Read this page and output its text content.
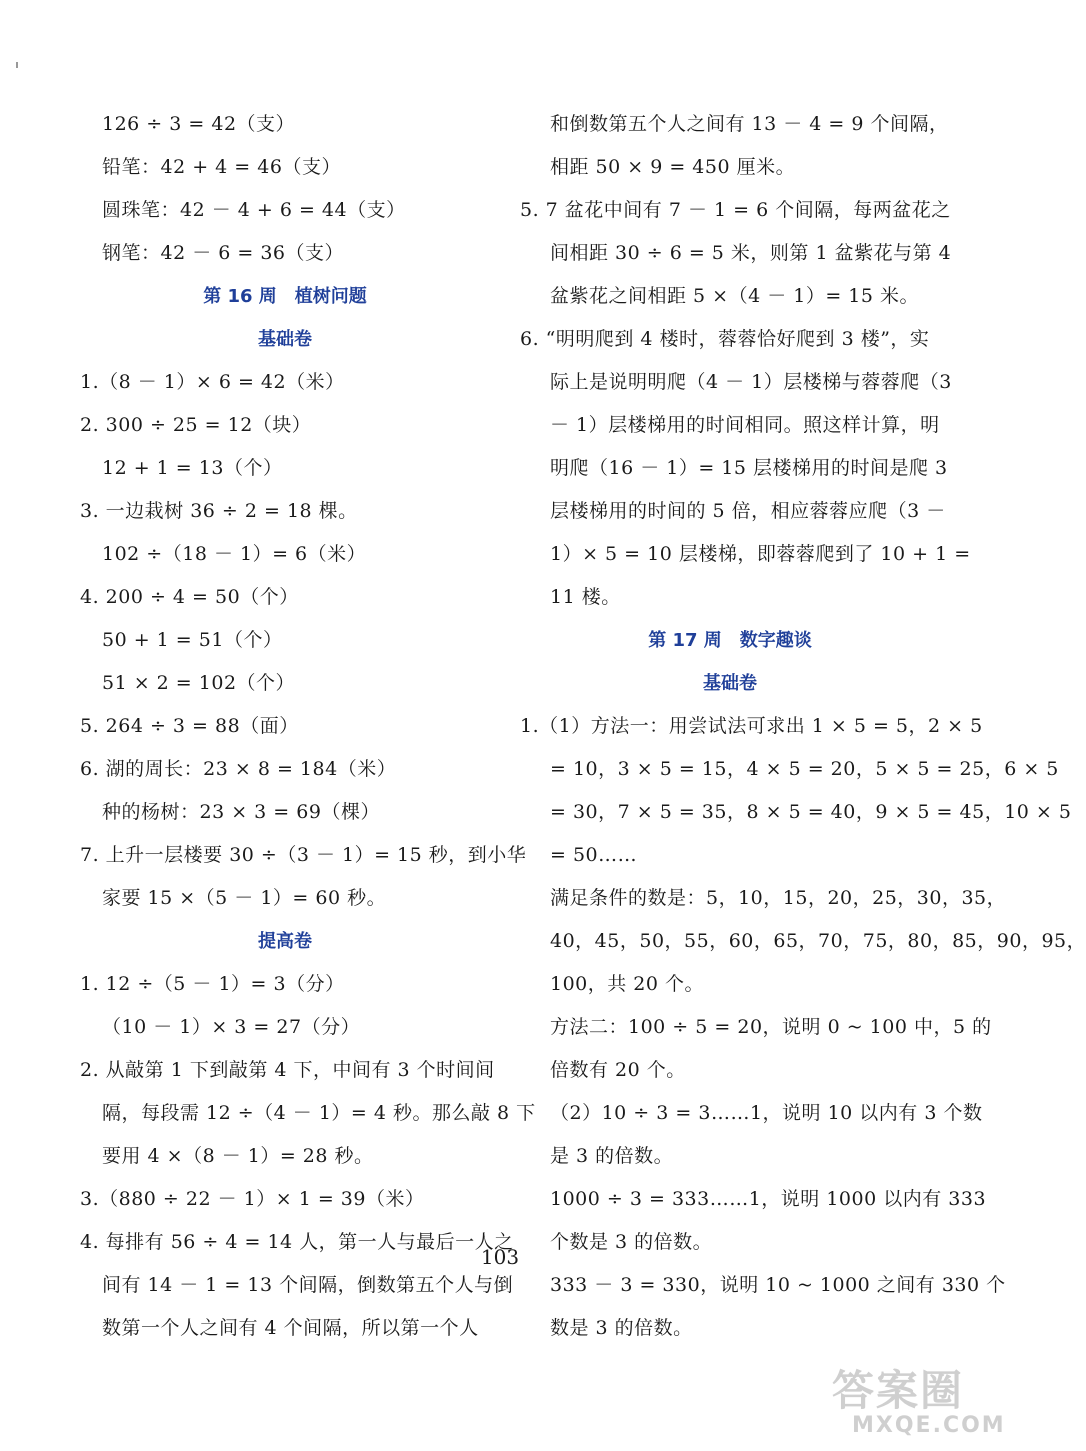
126 ÷ 3 = 42（支）
铅笔：42 + 4 = 46（支）
圆珠笔：42 － 4 + 6 = 44（支）
钢笔：42 － 6 = 36（支）
第 16 周　植树问题
基础卷
1.（8 － 1）× 6 = 42（米）
2. 300 ÷ 25 = 12（块）
12 + 1 = 13（个）
3. 一边栽树 36 ÷ 2 = 18 棵。
102 ÷（18 － 1）= 6（米）
4. 200 ÷ 4 = 50（个）
50 + 1 = 51（个）
51 × 2 = 102（个）
5. 264 ÷ 3 = 88（面）
6. 湖的周长：23 × 8 = 184（米）
种的杨树：23 × 3 = 69（棵）
7. 上升一层楼要 30 ÷（3 － 1）= 15 秒，到小华
家要 15 ×（5 － 1）= 60 秒。
提高卷
1. 12 ÷（5 － 1）= 3（分）
（10 － 1）× 3 = 27（分）
2. 从敲第 1 下到敲第 4 下，中间有 3 个时间间
隔，每段需 12 ÷（4 － 1）= 4 秒。那么敲 8 下
要用 4 ×（8 － 1）= 28 秒。
3.（880 ÷ 22 － 1）× 1 = 39（米）
4. 每排有 56 ÷ 4 = 14 人，第一人与最后一人之
间有 14 － 1 = 13 个间隔，倒数第五个人与倒
数第一个人之间有 4 个间隔，所以第一个人
和倒数第五个人之间有 13 － 4 = 9 个间隔，
相距 50 × 9 = 450 厘米。
5. 7 盆花中间有 7 － 1 = 6 个间隔，每两盆花之
间相距 30 ÷ 6 = 5 米，则第 1 盆紫花与第 4
盆紫花之间相距 5 ×（4 － 1）= 15 米。
6. “明明爬到 4 楼时，蓉蓉恰好爬到 3 楼”，实
际上是说明明爬（4 － 1）层楼梯与蓉蓉爬（3
－ 1）层楼梯用的时间相同。照这样计算，明
明爬（16 － 1）= 15 层楼梯用的时间是爬 3
层楼梯用的时间的 5 倍，相应蓉蓉应爬（3 －
1）× 5 = 10 层楼梯，即蓉蓉爬到了 10 + 1 =
11 楼。
第 17 周　数字趣谈
基础卷
1.（1）方法一：用尝试法可求出 1 × 5 = 5，2 × 5
= 10，3 × 5 = 15，4 × 5 = 20，5 × 5 = 25，6 × 5
= 30，7 × 5 = 35，8 × 5 = 40，9 × 5 = 45，10 × 5
= 50……
满足条件的数是：5，10，15，20，25，30，35，
40，45，50，55，60，65，70，75，80，85，90，95，
100，共 20 个。
方法二：100 ÷ 5 = 20，说明 0 ~ 100 中，5 的
倍数有 20 个。
（2）10 ÷ 3 = 3……1，说明 10 以内有 3 个数
是 3 的倍数。
1000 ÷ 3 = 333……1，说明 1000 以内有 333
个数是 3 的倍数。
333 － 3 = 330，说明 10 ~ 1000 之间有 330 个
数是 3 的倍数。
103
答案圈
MXQE.COM
